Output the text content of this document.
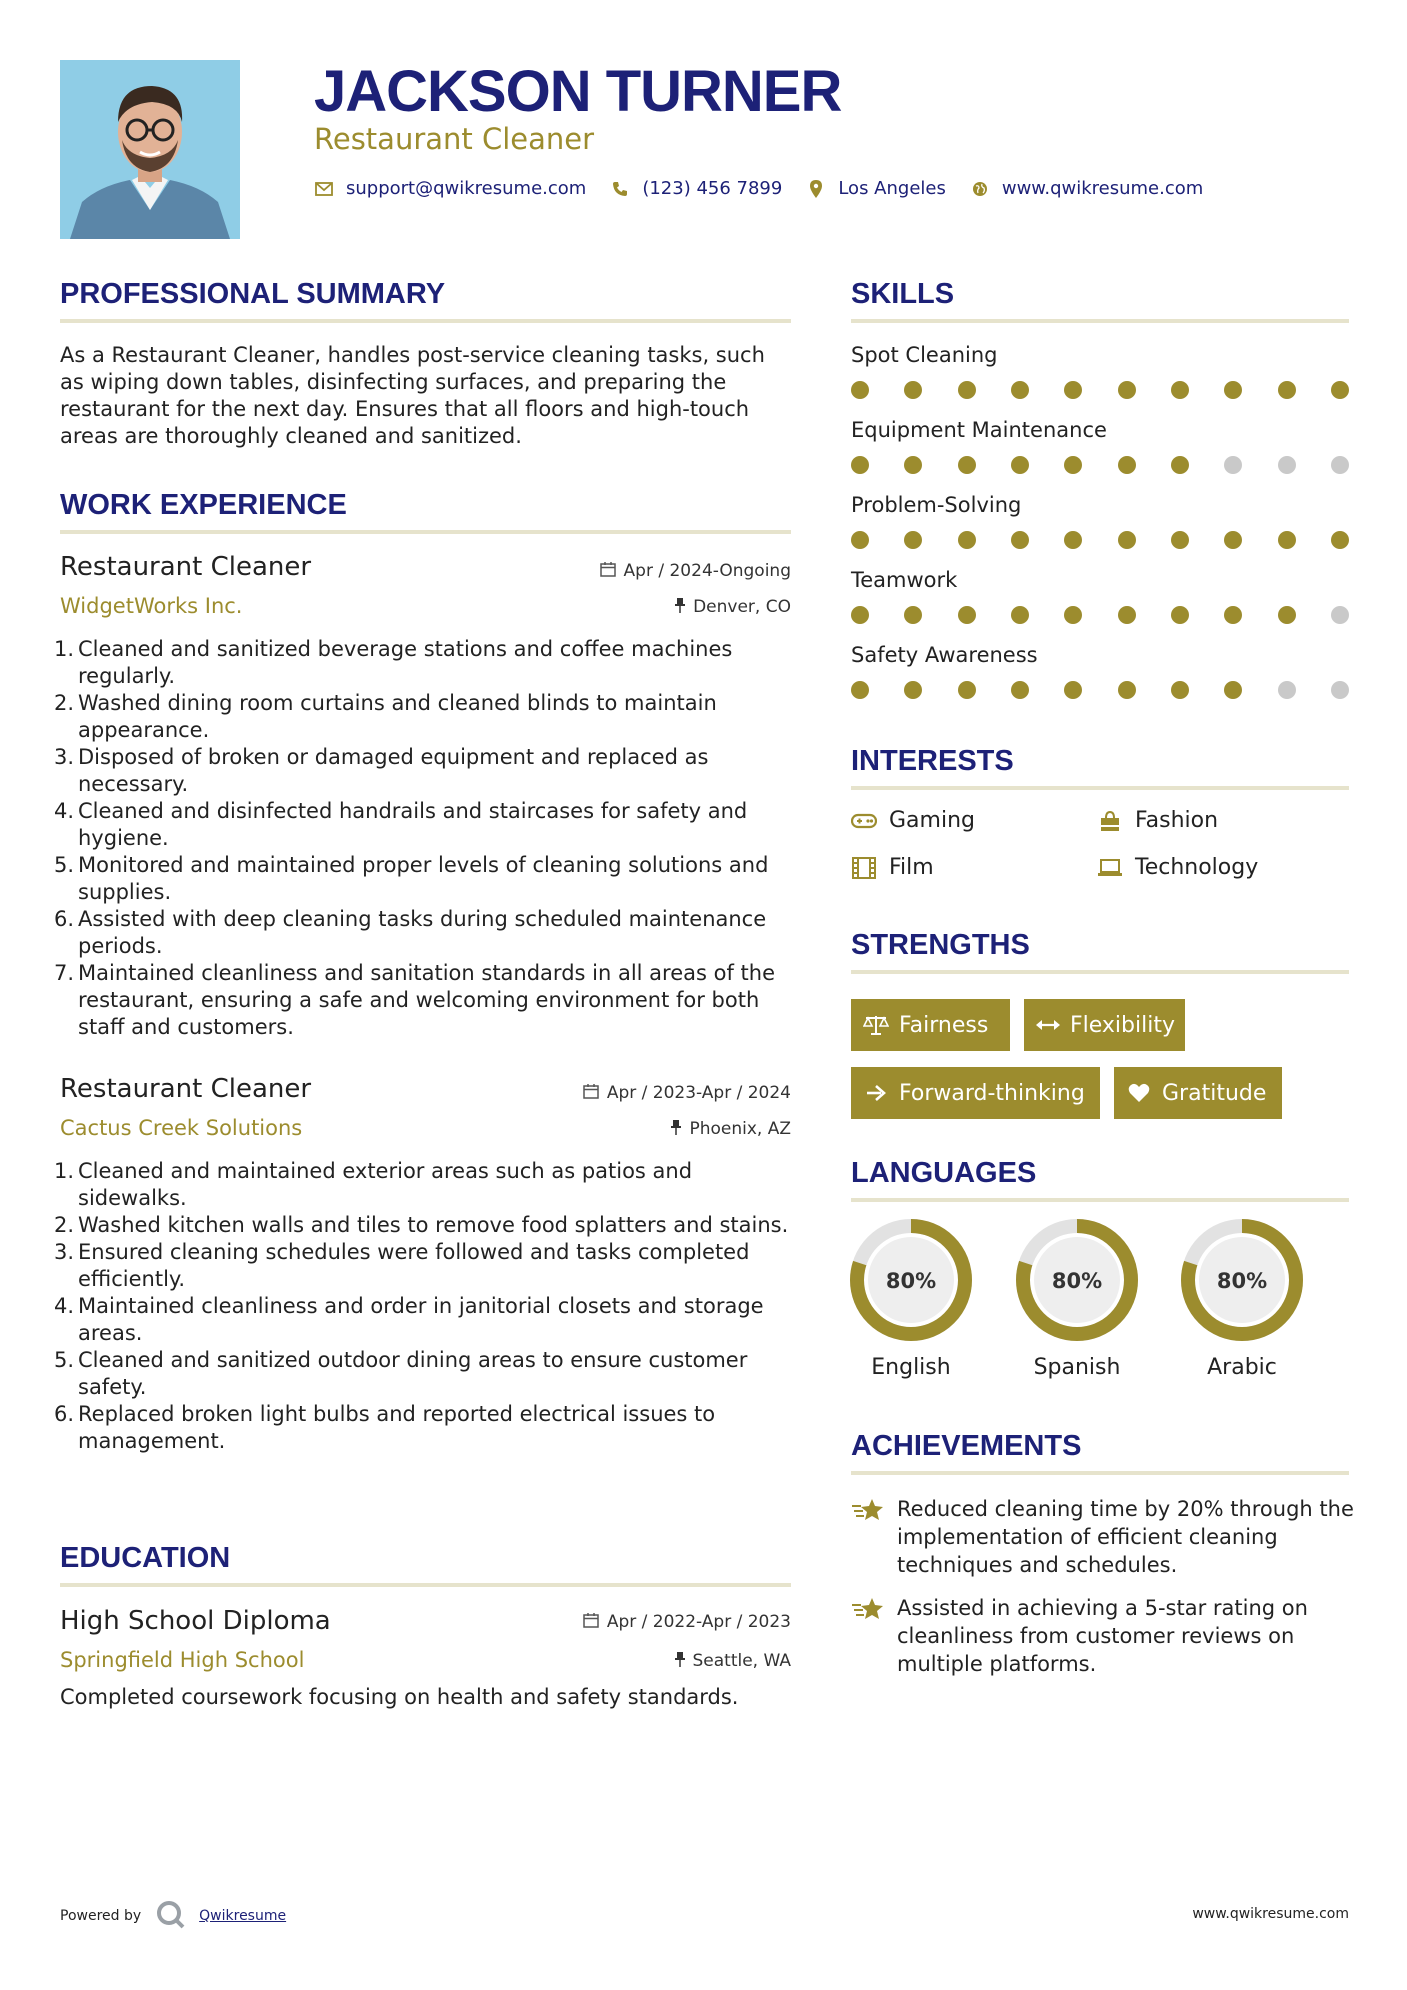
JACKSON TURNER
Restaurant Cleaner
support@qwikresume.com	(123) 456 7899	Los Angeles	www.qwikresume.com
PROFESSIONAL SUMMARY
As a Restaurant Cleaner, handles post-service cleaning tasks, such as wiping down tables, disinfecting surfaces, and preparing the restaurant for the next day. Ensures that all floors and high-touch areas are thoroughly cleaned and sanitized.
WORK EXPERIENCE
Restaurant Cleaner	Apr / 2024-Ongoing
WidgetWorks Inc.	Denver, CO
1. Cleaned and sanitized beverage stations and coffee machines regularly.
2. Washed dining room curtains and cleaned blinds to maintain appearance.
3. Disposed of broken or damaged equipment and replaced as necessary.
4. Cleaned and disinfected handrails and staircases for safety and hygiene.
5. Monitored and maintained proper levels of cleaning solutions and supplies.
6. Assisted with deep cleaning tasks during scheduled maintenance periods.
7. Maintained cleanliness and sanitation standards in all areas of the restaurant, ensuring a safe and welcoming environment for both staff and customers.
Restaurant Cleaner	Apr / 2023-Apr / 2024
Cactus Creek Solutions	Phoenix, AZ
1. Cleaned and maintained exterior areas such as patios and sidewalks.
2. Washed kitchen walls and tiles to remove food splatters and stains.
3. Ensured cleaning schedules were followed and tasks completed efficiently.
4. Maintained cleanliness and order in janitorial closets and storage areas.
5. Cleaned and sanitized outdoor dining areas to ensure customer safety.
6. Replaced broken light bulbs and reported electrical issues to management.
EDUCATION
High School Diploma	Apr / 2022-Apr / 2023
Springfield High School	Seattle, WA
Completed coursework focusing on health and safety standards.
SKILLS
Spot Cleaning
Equipment Maintenance
Problem-Solving
Teamwork
Safety Awareness
INTERESTS
Gaming	Fashion
Film	Technology
STRENGTHS
Fairness	Flexibility
Forward-thinking	Gratitude
LANGUAGES
80%	80%	80%
English	Spanish	Arabic
ACHIEVEMENTS
Reduced cleaning time by 20% through the implementation of efficient cleaning techniques and schedules.
Assisted in achieving a 5-star rating on cleanliness from customer reviews on multiple platforms.
Powered by	Qwikresume	www.qwikresume.com
